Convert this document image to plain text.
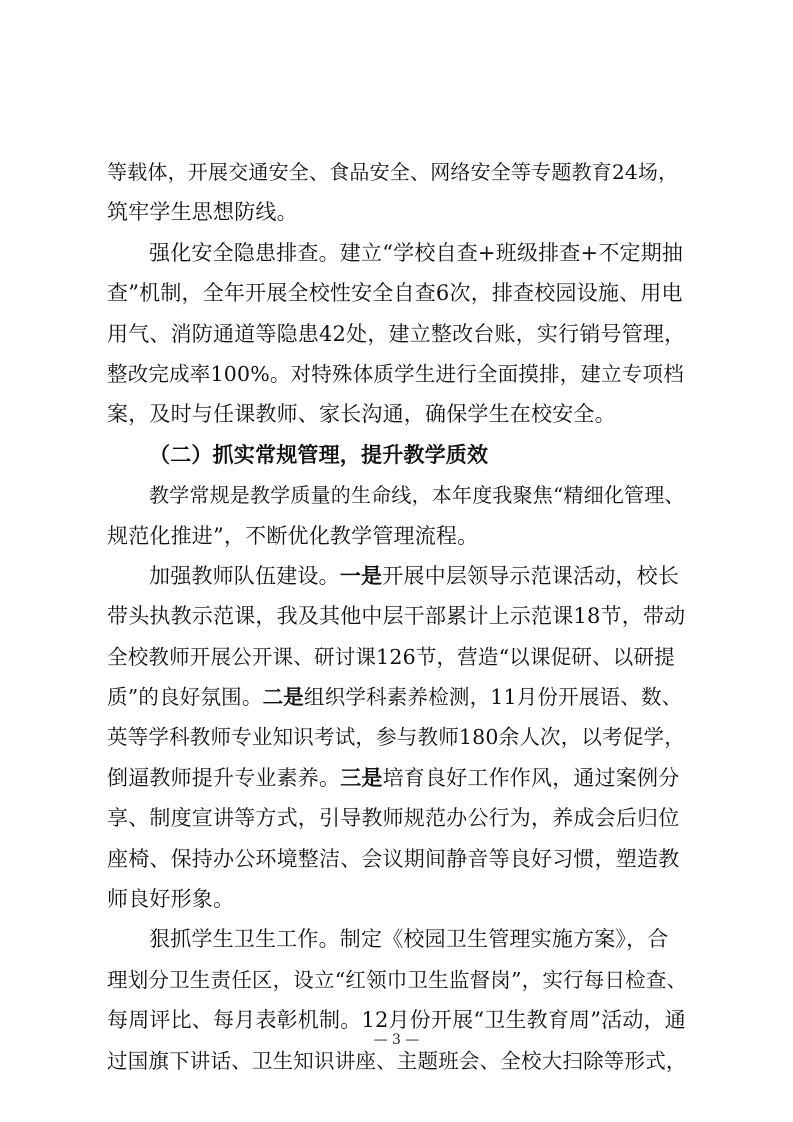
等载体，开展交通安全、食品安全、网络安全等专题教育24场，
筑牢学生思想防线。
强化安全隐患排查。建立“学校自查+班级排查+不定期抽
查”机制，全年开展全校性安全自查6次，排查校园设施、用电
用气、消防通道等隐患42处，建立整改台账，实行销号管理，
整改完成率100%。对特殊体质学生进行全面摸排，建立专项档
案，及时与任课教师、家长沟通，确保学生在校安全。
（二）抓实常规管理，提升教学质效
教学常规是教学质量的生命线，本年度我聚焦“精细化管理、
规范化推进”，不断优化教学管理流程。
加强教师队伍建设。一是开展中层领导示范课活动，校长
带头执教示范课，我及其他中层干部累计上示范课18节，带动
全校教师开展公开课、研讨课126节，营造“以课促研、以研提
质”的良好氛围。二是组织学科素养检测，11月份开展语、数、
英等学科教师专业知识考试，参与教师180余人次，以考促学，
倒逼教师提升专业素养。三是培育良好工作作风，通过案例分
享、制度宣讲等方式，引导教师规范办公行为，养成会后归位
座椅、保持办公环境整洁、会议期间静音等良好习惯，塑造教
师良好形象。
狠抓学生卫生工作。制定《校园卫生管理实施方案》，合
理划分卫生责任区，设立“红领巾卫生监督岗”，实行每日检查、
每周评比、每月表彰机制。12月份开展“卫生教育周”活动，通
过国旗下讲话、卫生知识讲座、主题班会、全校大扫除等形式，
— 3 —
